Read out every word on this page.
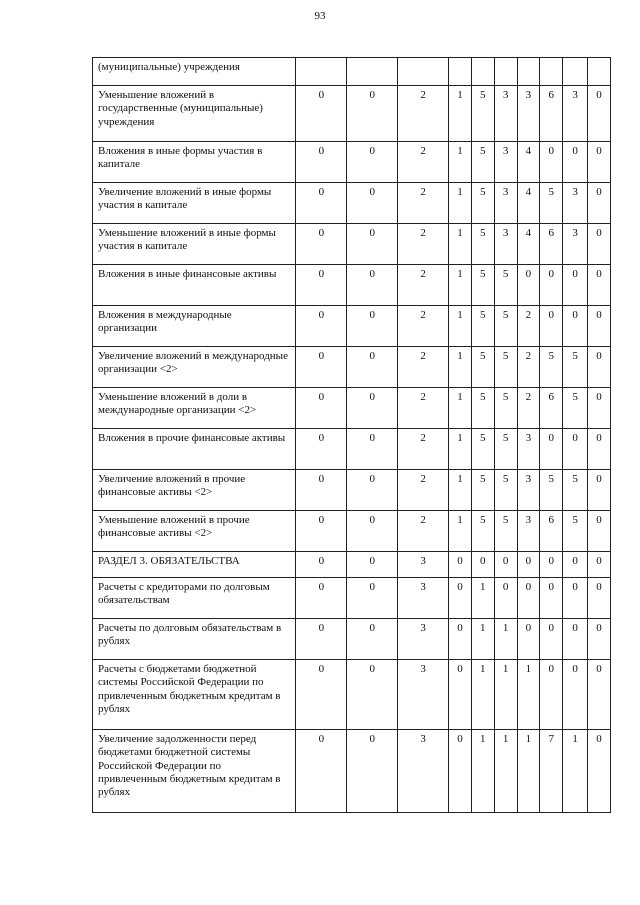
93
(муниципальные) учреждения										
Уменьшение вложений в государственные (муниципальные) учреждения	0	0	2	1	5	3	3	6	3	0
Вложения в иные формы участия в капитале	0	0	2	1	5	3	4	0	0	0
Увеличение вложений в иные формы участия в капитале	0	0	2	1	5	3	4	5	3	0
Уменьшение вложений в иные формы участия в капитале	0	0	2	1	5	3	4	6	3	0
Вложения в иные финансовые активы	0	0	2	1	5	5	0	0	0	0
Вложения в международные организации	0	0	2	1	5	5	2	0	0	0
Увеличение вложений в международные организации <2>	0	0	2	1	5	5	2	5	5	0
Уменьшение вложений в доли в международные организации <2>	0	0	2	1	5	5	2	6	5	0
Вложения в прочие финансовые активы	0	0	2	1	5	5	3	0	0	0
Увеличение вложений в прочие финансовые активы <2>	0	0	2	1	5	5	3	5	5	0
Уменьшение вложений в прочие финансовые активы <2>	0	0	2	1	5	5	3	6	5	0
РАЗДЕЛ 3. ОБЯЗАТЕЛЬСТВА	0	0	3	0	0	0	0	0	0	0
Расчеты с кредиторами по долговым обязательствам	0	0	3	0	1	0	0	0	0	0
Расчеты по долговым обязательствам в рублях	0	0	3	0	1	1	0	0	0	0
Расчеты с бюджетами бюджетной системы Российской Федерации по привлеченным бюджетным кредитам в рублях	0	0	3	0	1	1	1	0	0	0
Увеличение задолженности перед бюджетами бюджетной системы Российской Федерации по привлеченным бюджетным кредитам в рублях	0	0	3	0	1	1	1	7	1	0
